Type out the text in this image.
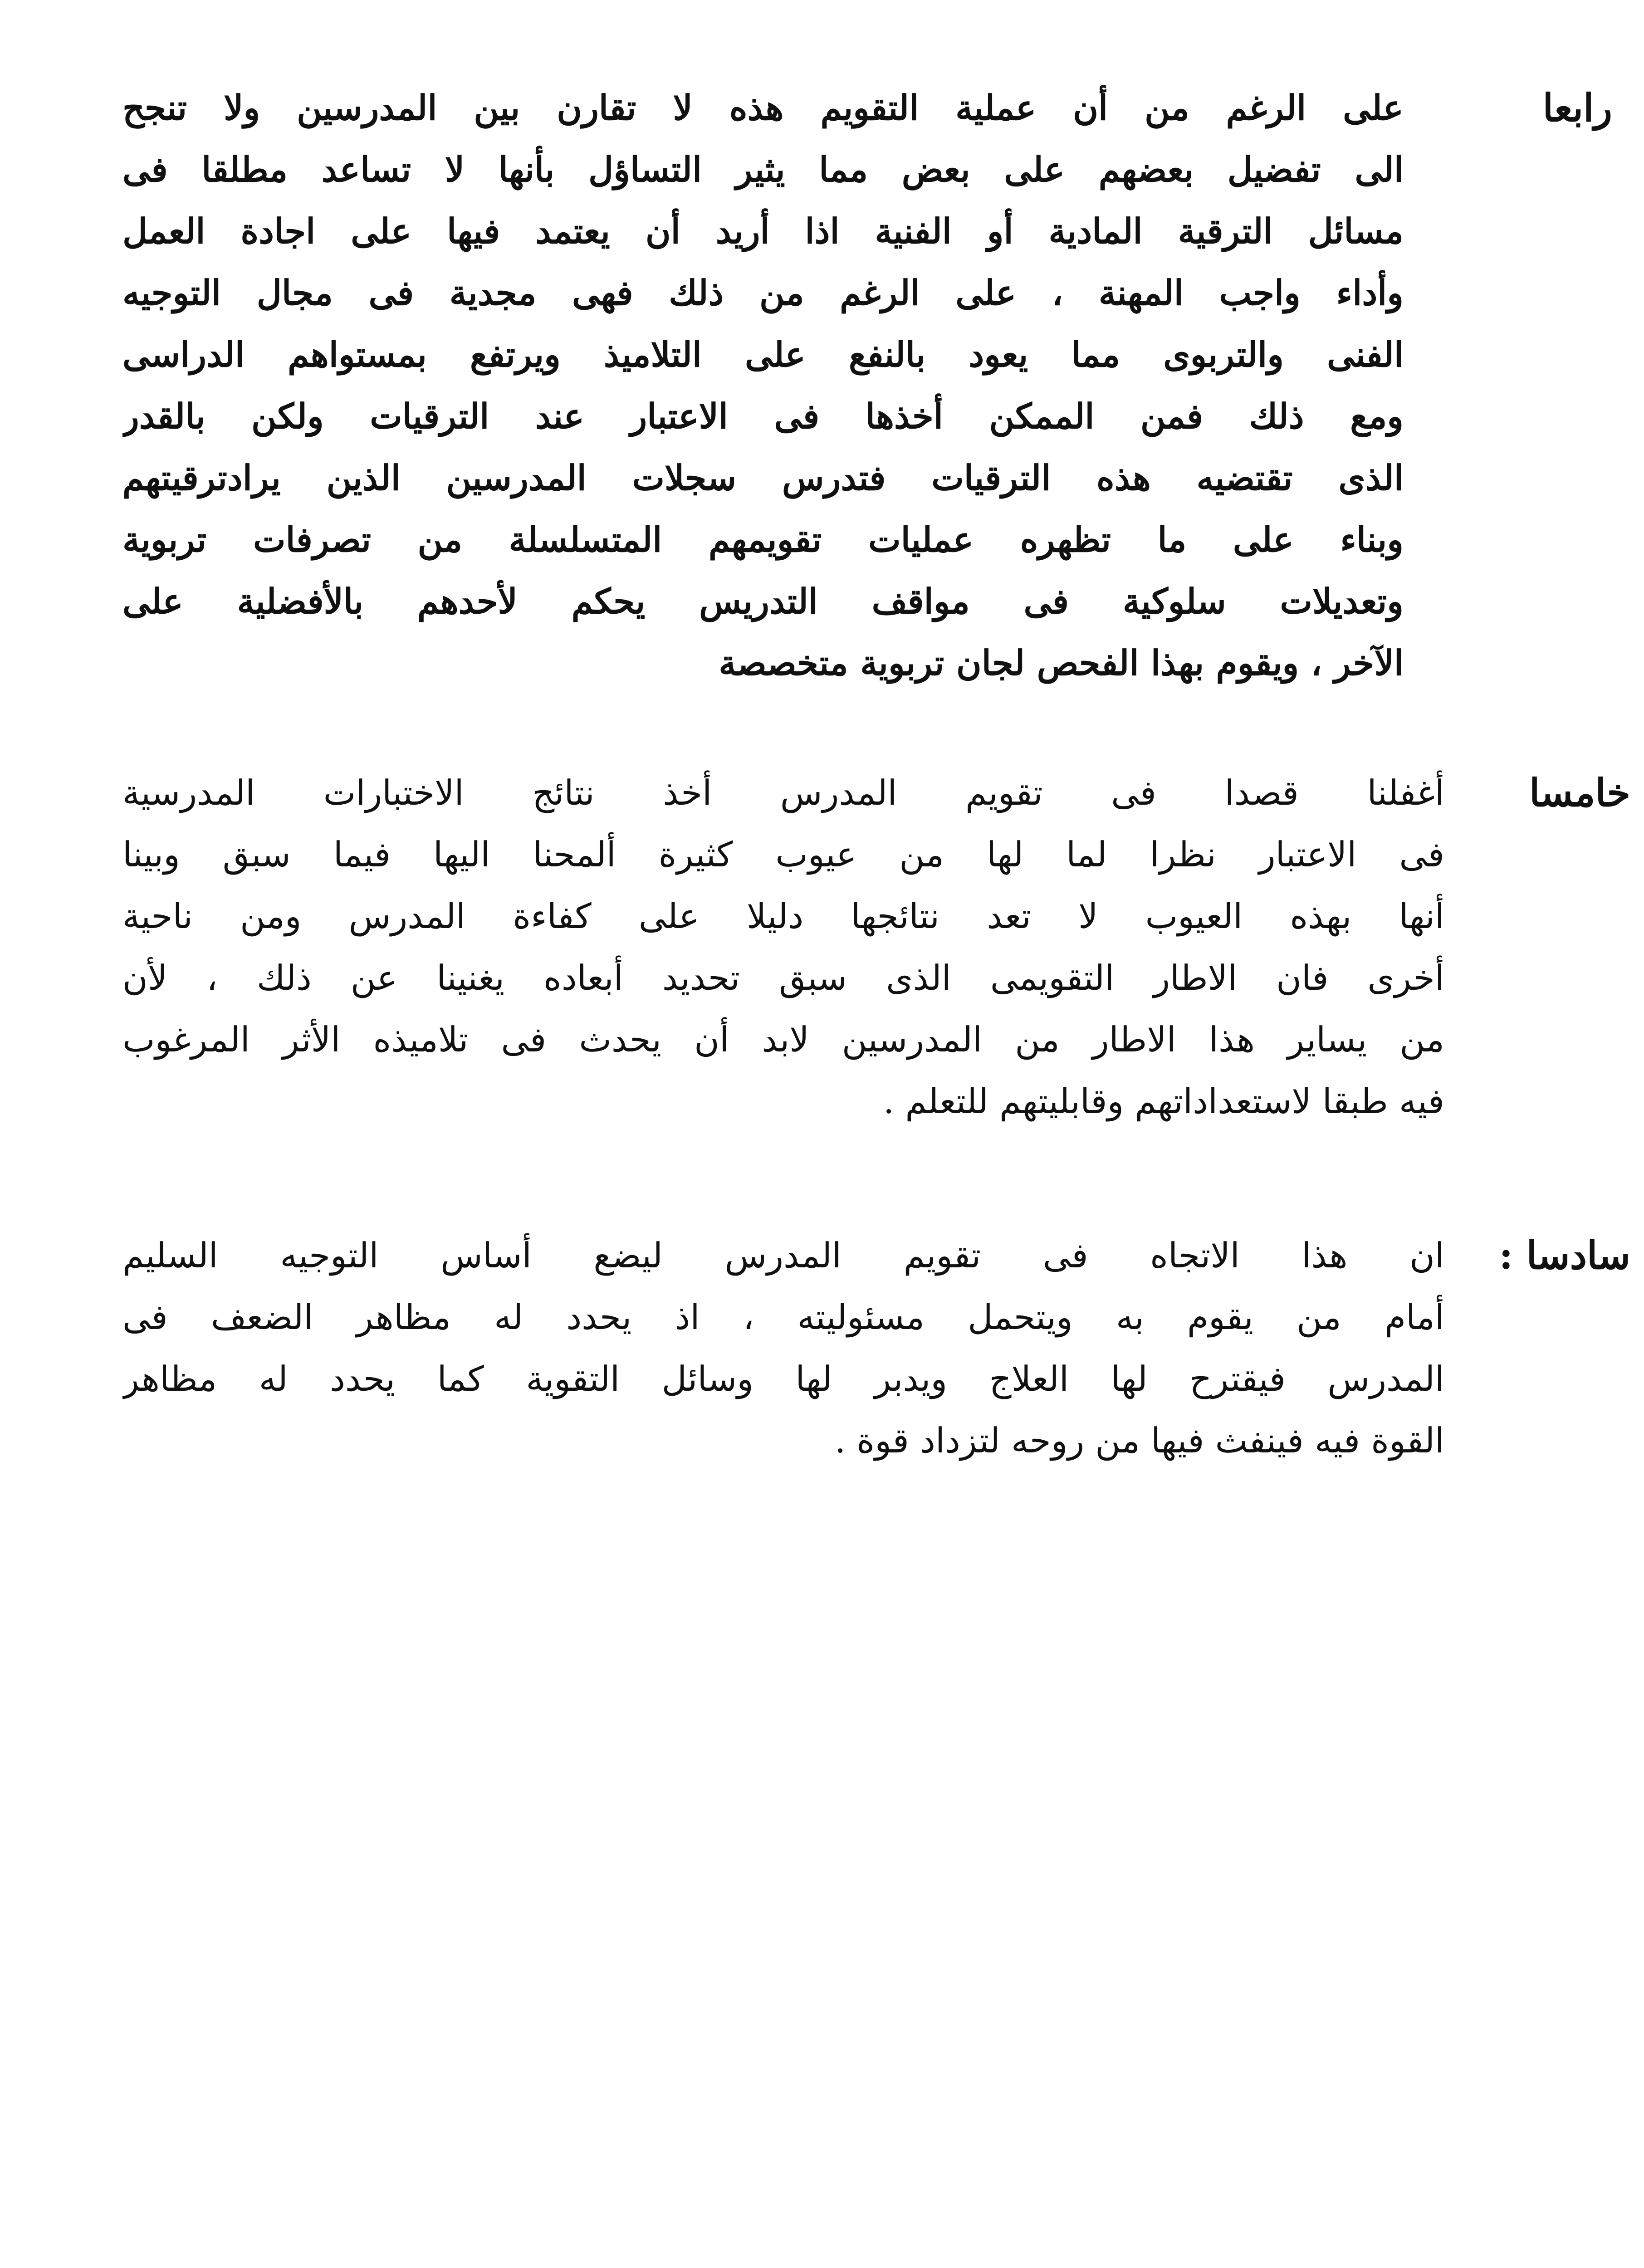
رابعا
على الرغم من أن عملية التقويم هذه لا تقارن بين المدرسين ولا تنجح
الى تفضيل بعضهم على بعض مما يثير التساؤل بأنها لا تساعد مطلقا فى
مسائل الترقية المادية أو الفنية اذا أريد أن يعتمد فيها على اجادة العمل
وأداء واجب المهنة ، على الرغم من ذلك فهى مجدية فى مجال التوجيه
الفنى والتربوى مما يعود بالنفع على التلاميذ ويرتفع بمستواهم الدراسى
ومع ذلك فمن الممكن أخذها فى الاعتبار عند الترقيات ولكن بالقدر
الذى تقتضيه هذه الترقيات فتدرس سجلات المدرسين الذين يرادترقيتهم
وبناء على ما تظهره عمليات تقويمهم المتسلسلة من تصرفات تربوية
وتعديلات سلوكية فى مواقف التدريس يحكم لأحدهم بالأفضلية على
الآخر ، ويقوم بهذا الفحص لجان تربوية متخصصة
خامسا
أغفلنا قصدا فى تقويم المدرس أخذ نتائج الاختبارات المدرسية
فى الاعتبار نظرا لما لها من عيوب كثيرة ألمحنا اليها فيما سبق وبينا
أنها بهذه العيوب لا تعد نتائجها دليلا على كفاءة المدرس ومن ناحية
أخرى فان الاطار التقويمى الذى سبق تحديد أبعاده يغنينا عن ذلك ، لأن
من يساير هذا الاطار من المدرسين لابد أن يحدث فى تلاميذه الأثر المرغوب
فيه طبقا لاستعداداتهم وقابليتهم للتعلم .
سادسا :
ان هذا الاتجاه فى تقويم المدرس ليضع أساس التوجيه السليم
أمام من يقوم به ويتحمل مسئوليته ، اذ يحدد له مظاهر الضعف فى
المدرس فيقترح لها العلاج ويدبر لها وسائل التقوية كما يحدد له مظاهر
القوة فيه فينفث فيها من روحه لتزداد قوة .
